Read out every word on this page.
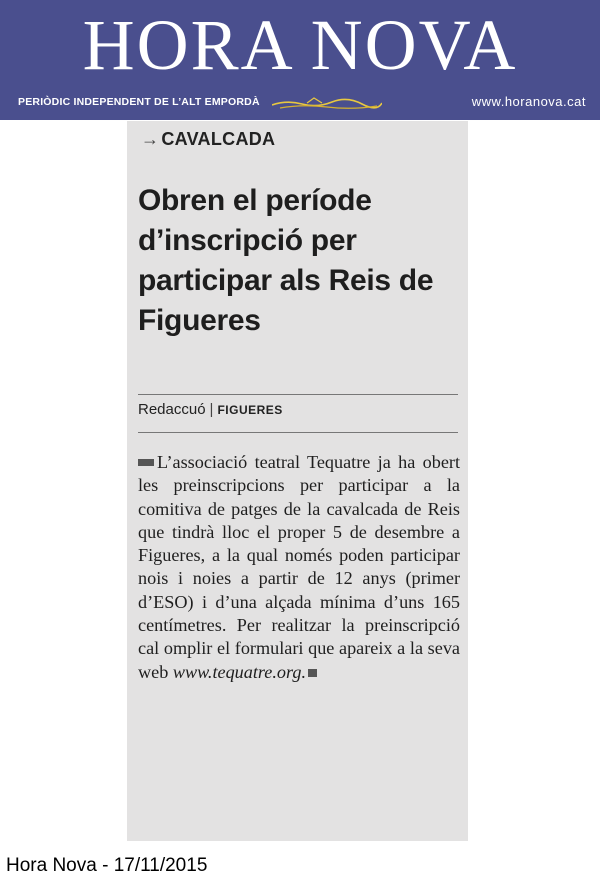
HORA NOVA
PERIÒDIC INDEPENDENT DE L’ALT EMPORDÀ	www.horanova.cat
→ CAVALCADA
Obren el període d’inscripció per participar als Reis de Figueres
Redaccuó | FIGUERES
L’associació teatral Tequatre ja ha obert les preinscripcions per participar a la comitiva de patges de la cavalcada de Reis que tindrà lloc el proper 5 de desembre a Figueres, a la qual només poden participar nois i noies a partir de 12 anys (primer d’ESO) i d’una alçada mínima d’uns 165 centímetres. Per realitzar la preinscripció cal omplir el formulari que apareix a la seva web www.tequatre.org.
Hora Nova - 17/11/2015
